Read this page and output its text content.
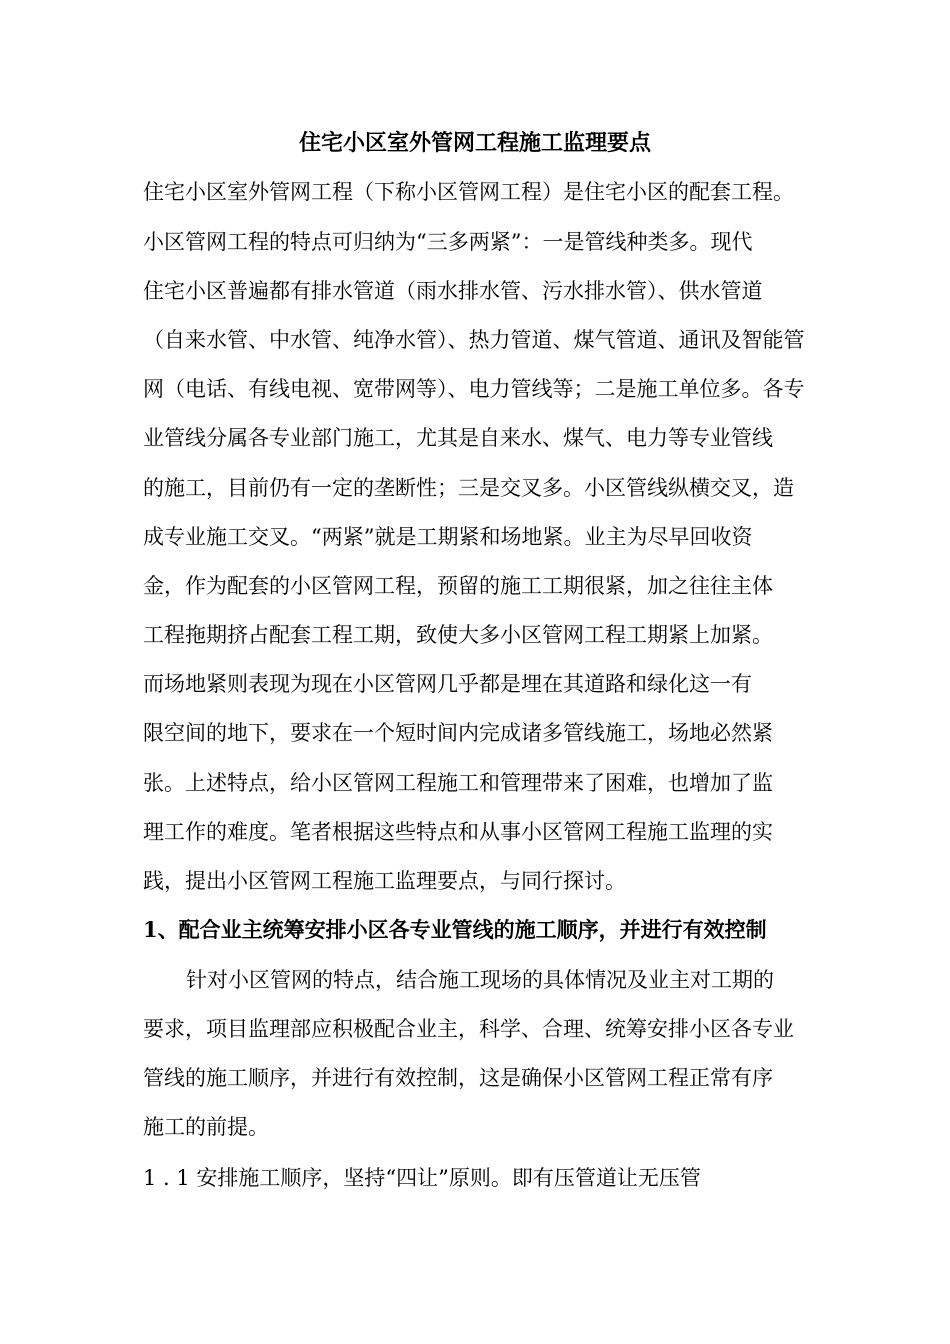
住宅小区室外管网工程施工监理要点
住宅小区室外管网工程（下称小区管网工程）是住宅小区的配套工程。
小区管网工程的特点可归纳为“三多两紧”：一是管线种类多。现代
住宅小区普遍都有排水管道（雨水排水管、污水排水管）、供水管道
（自来水管、中水管、纯净水管）、热力管道、煤气管道、通讯及智能管
网（电话、有线电视、宽带网等）、电力管线等；二是施工单位多。各专
业管线分属各专业部门施工，尤其是自来水、煤气、电力等专业管线
的施工，目前仍有一定的垄断性；三是交叉多。小区管线纵横交叉，造
成专业施工交叉。“两紧”就是工期紧和场地紧。业主为尽早回收资
金，作为配套的小区管网工程，预留的施工工期很紧，加之往往主体
工程拖期挤占配套工程工期，致使大多小区管网工程工期紧上加紧。
而场地紧则表现为现在小区管网几乎都是埋在其道路和绿化这一有
限空间的地下，要求在一个短时间内完成诸多管线施工，场地必然紧
张。上述特点，给小区管网工程施工和管理带来了困难，也增加了监
理工作的难度。笔者根据这些特点和从事小区管网工程施工监理的实
践，提出小区管网工程施工监理要点，与同行探讨。
1、配合业主统筹安排小区各专业管线的施工顺序，并进行有效控制
针对小区管网的特点，结合施工现场的具体情况及业主对工期的
要求，项目监理部应积极配合业主，科学、合理、统筹安排小区各专业
管线的施工顺序，并进行有效控制，这是确保小区管网工程正常有序
施工的前提。
1 . 1 安排施工顺序，坚持“四让”原则。即有压管道让无压管
